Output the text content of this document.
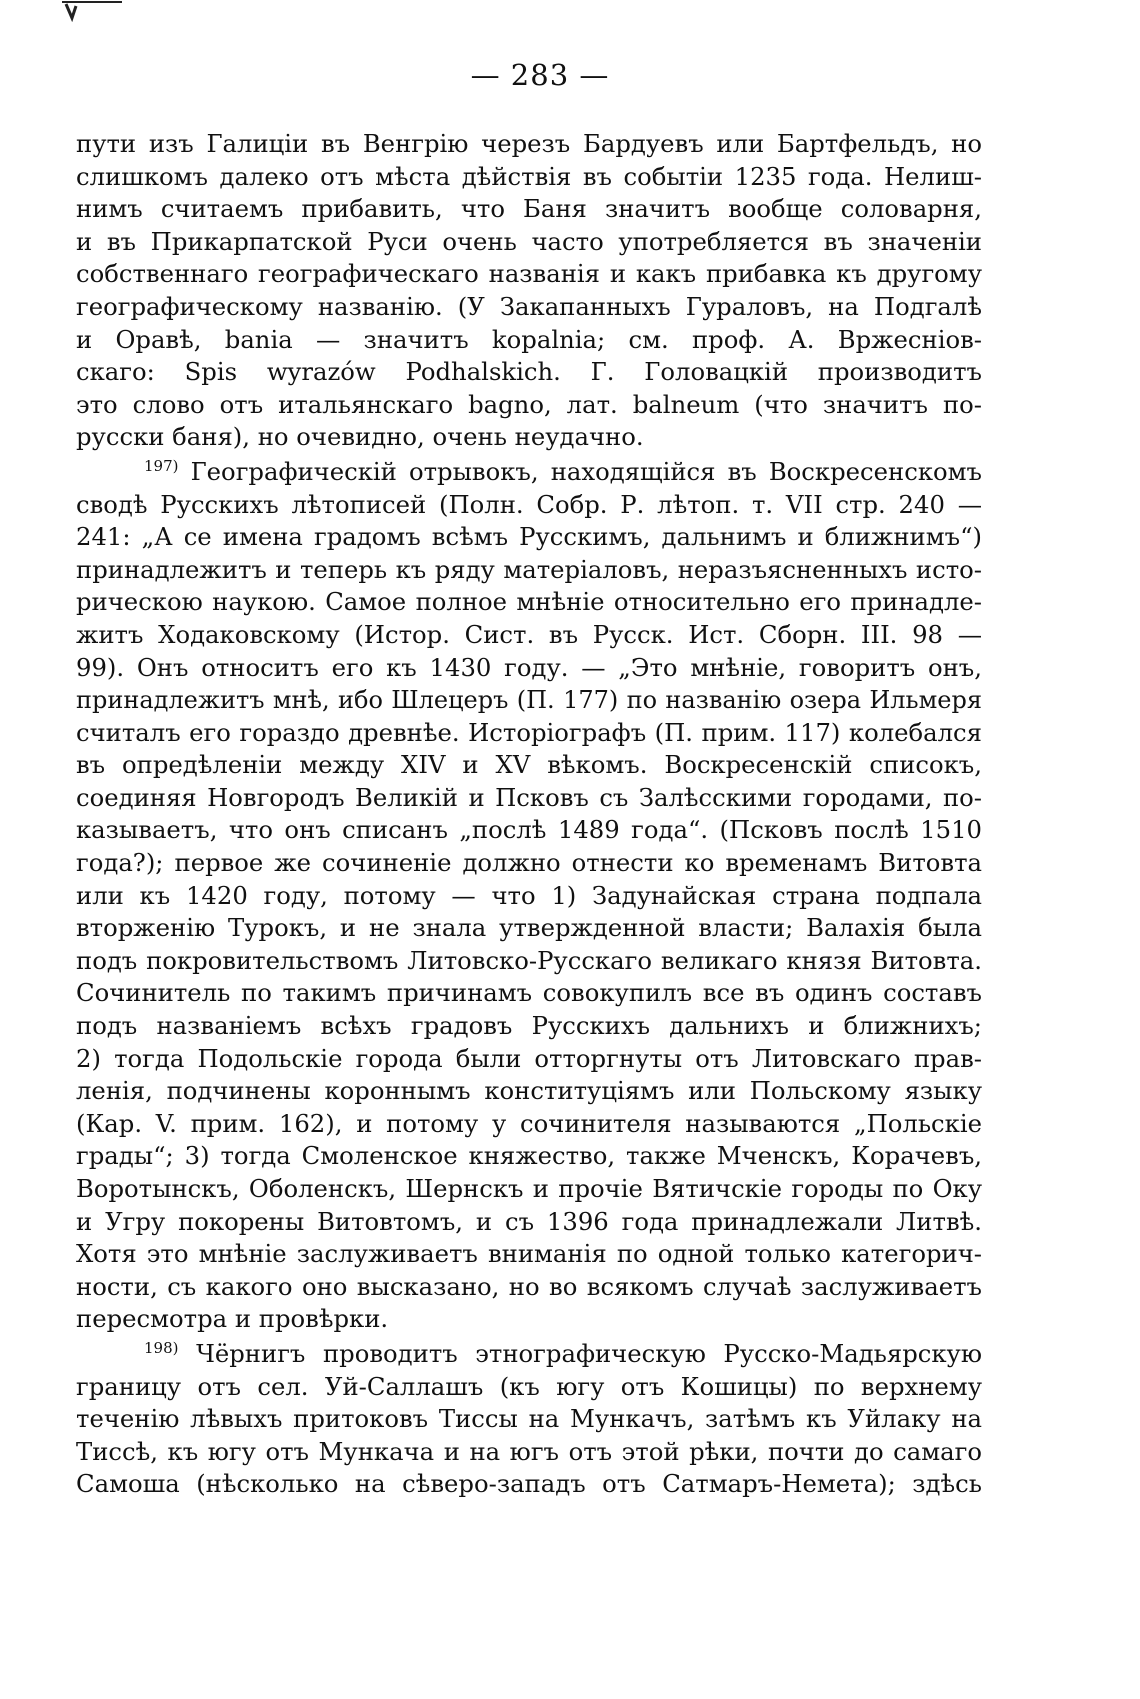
— 283 —
пути изъ Галиціи въ Венгрію черезъ Бардуевъ или Бартфельдъ, но
слишкомъ далеко отъ мѣста дѣйствія въ событіи 1235 года. Нелиш-
нимъ считаемъ прибавить, что Баня значитъ вообще соловарня,
и въ Прикарпатской Руси очень часто употребляется въ значеніи
собственнаго географическаго названія и какъ прибавка къ другому
географическому названію. (У Закапанныхъ Гураловъ, на Подгалѣ
и Оравѣ, bania — значитъ kopalnia; см. проф. А. Вржесніов-
скаго: Spis wyrazów Podhalskich. Г. Головацкій производитъ
это слово отъ итальянскаго bagno, лат. balneum (что значитъ по-
русски баня), но очевидно, очень неудачно.
$^{197)}$ Географическій отрывокъ, находящійся въ Воскресенскомъ
сводѣ Русскихъ лѣтописей (Полн. Собр. Р. лѣтоп. т. VII стр. 240 —
241: „А се имена градомъ всѣмъ Русскимъ, дальнимъ и ближнимъ“)
принадлежитъ и теперь къ ряду матеріаловъ, неразъясненныхъ исто-
рическою наукою. Самое полное мнѣніе относительно его принадле-
житъ Ходаковскому (Истор. Сист. въ Русск. Ист. Сборн. III. 98 —
99). Онъ относитъ его къ 1430 году. — „Это мнѣніе, говоритъ онъ,
принадлежитъ мнѣ, ибо Шлецеръ (П. 177) по названію озера Ильмеря
считалъ его гораздо древнѣе. Исторіографъ (П. прим. 117) колебался
въ опредѣленіи между XIV и XV вѣкомъ. Воскресенскій списокъ,
соединяя Новгородъ Великій и Псковъ съ Залѣсскими городами, по-
казываетъ, что онъ списанъ „послѣ 1489 года“. (Псковъ послѣ 1510
года?); первое же сочиненіе должно отнести ко временамъ Витовта
или къ 1420 году, потому — что 1) Задунайская страна подпала
вторженію Турокъ, и не знала утвержденной власти; Валахія была
подъ покровительствомъ Литовско-Русскаго великаго князя Витовта.
Сочинитель по такимъ причинамъ совокупилъ все въ одинъ составъ
подъ названіемъ всѣхъ градовъ Русскихъ дальнихъ и ближнихъ;
2) тогда Подольскіе города были отторгнуты отъ Литовскаго прав-
ленія, подчинены короннымъ конституціямъ или Польскому языку
(Кар. V. прим. 162), и потому у сочинителя называются „Польскіе
грады“; 3) тогда Смоленское княжество, также Мченскъ, Корачевъ,
Воротынскъ, Оболенскъ, Шернскъ и прочіе Вятичскіе городы по Оку
и Угру покорены Витовтомъ, и съ 1396 года принадлежали Литвѣ.
Хотя это мнѣніе заслуживаетъ вниманія по одной только категорич-
ности, съ какого оно высказано, но во всякомъ случаѣ заслуживаетъ
пересмотра и провѣрки.
$^{198)}$ Чёрнигъ проводитъ этнографическую Русско-Мадьярскую
границу отъ сел. Уй-Саллашъ (къ югу отъ Кошицы) по верхнему
теченію лѣвыхъ притоковъ Тиссы на Мункачъ, затѣмъ къ Уйлаку на
Тиссѣ, къ югу отъ Мункача и на югъ отъ этой рѣки, почти до самаго
Самоша (нѣсколько на сѣверо-западъ отъ Сатмаръ-Немета); здѣсь
